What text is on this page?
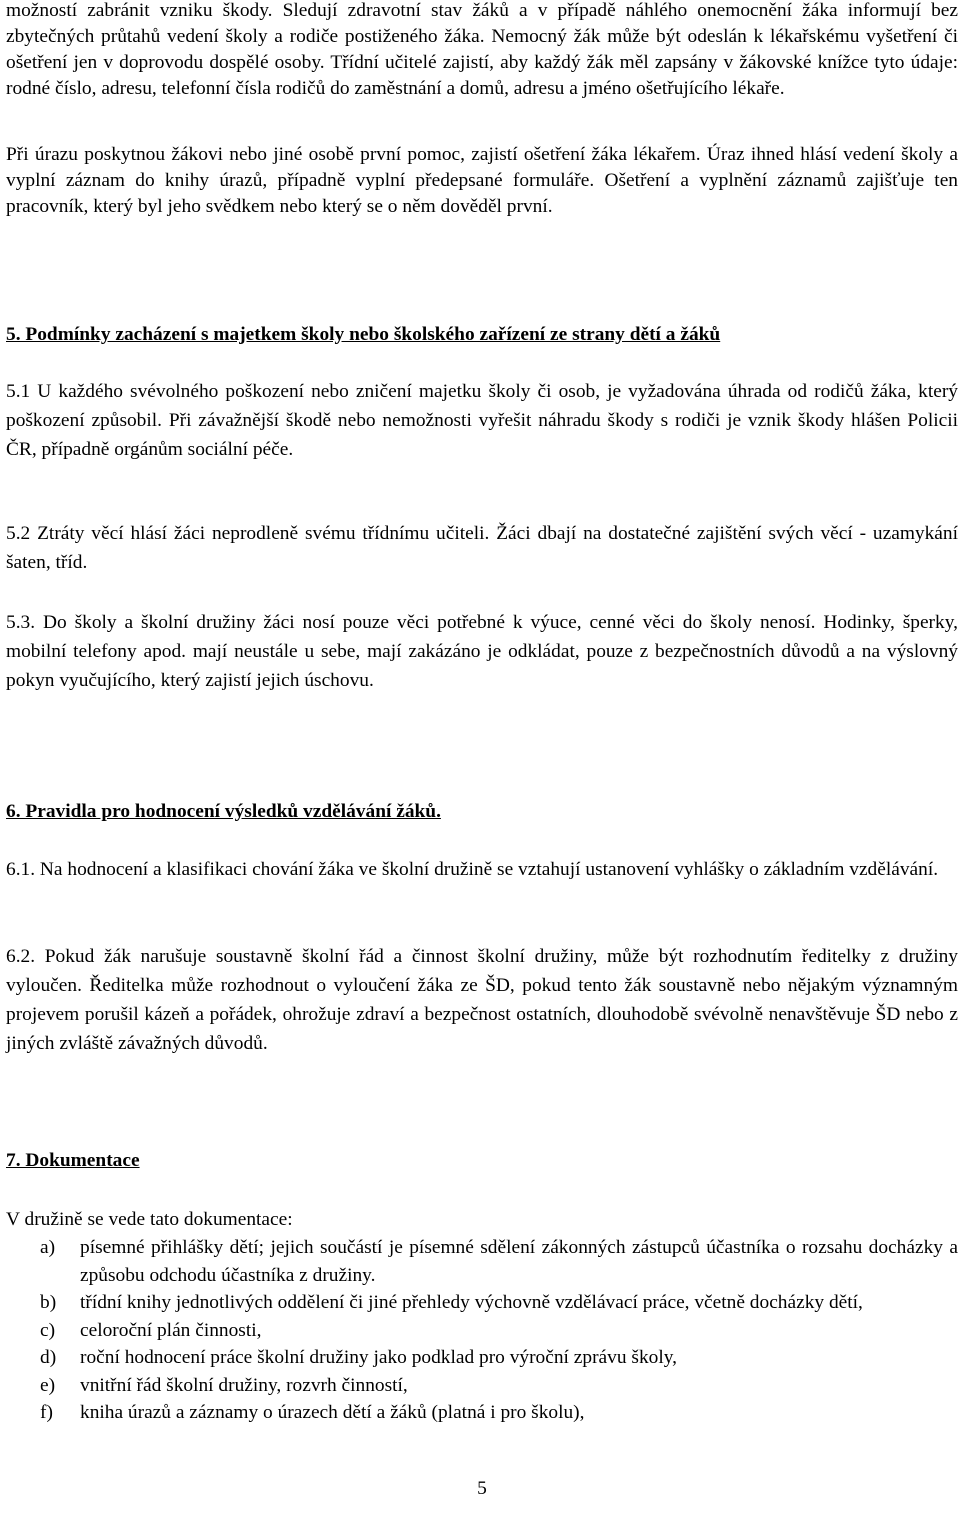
možností zabránit vzniku škody. Sledují zdravotní stav žáků a v případě náhlého onemocnění žáka informují bez zbytečných průtahů vedení školy a rodiče postiženého žáka. Nemocný žák může být odeslán k lékařskému vyšetření či ošetření jen v doprovodu dospělé osoby. Třídní učitelé zajistí, aby každý žák měl zapsány v žákovské knížce tyto údaje: rodné číslo, adresu, telefonní čísla rodičů do zaměstnání a domů, adresu a jméno ošetřujícího lékaře.

Při úrazu poskytnou žákovi nebo jiné osobě první pomoc, zajistí ošetření žáka lékařem. Úraz ihned hlásí vedení školy a vyplní záznam do knihy úrazů, případně vyplní předepsané formuláře. Ošetření a vyplnění záznamů zajišťuje ten pracovník, který byl jeho svědkem nebo který se o něm dověděl první.

5. Podmínky zacházení s majetkem školy nebo školského zařízení ze strany dětí a žáků

5.1 U každého svévolného poškození nebo zničení majetku školy či osob, je vyžadována úhrada od rodičů žáka, který poškození způsobil. Při závažnější škodě nebo nemožnosti vyřešit náhradu škody s rodiči je vznik škody hlášen Policii ČR, případně orgánům sociální péče.

5.2 Ztráty věcí hlásí žáci neprodleně svému třídnímu učiteli. Žáci dbají na dostatečné zajištění svých věcí - uzamykání šaten, tříd.

5.3. Do školy a školní družiny žáci nosí pouze věci potřebné k výuce, cenné věci do školy nenosí. Hodinky, šperky, mobilní telefony apod. mají neustále u sebe, mají zakázáno je odkládat, pouze z bezpečnostních důvodů a na výslovný pokyn vyučujícího, který zajistí jejich úschovu.

6. Pravidla pro hodnocení výsledků vzdělávání žáků.

6.1. Na hodnocení a klasifikaci chování žáka ve školní družině se vztahují ustanovení vyhlášky o základním vzdělávání.

6.2. Pokud žák narušuje soustavně školní řád a činnost školní družiny, může být rozhodnutím ředitelky z družiny vyloučen. Ředitelka může rozhodnout o vyloučení žáka ze ŠD, pokud tento žák soustavně nebo nějakým významným projevem porušil kázeň a pořádek, ohrožuje zdraví a bezpečnost ostatních, dlouhodobě svévolně nenavštěvuje ŠD nebo z jiných zvláště závažných důvodů.

7. Dokumentace

V družině se vede tato dokumentace:

a) písemné přihlášky dětí; jejich součástí je písemné sdělení zákonných zástupců účastníka o rozsahu docházky a způsobu odchodu účastníka z družiny.
b) třídní knihy jednotlivých oddělení či jiné přehledy výchovně vzdělávací práce, včetně docházky dětí,
c) celoroční plán činnosti,
d) roční hodnocení práce školní družiny jako podklad pro výroční zprávu školy,
e) vnitřní řád školní družiny, rozvrh činností,
f) kniha úrazů a záznamy o úrazech dětí a žáků (platná i pro školu),
5
